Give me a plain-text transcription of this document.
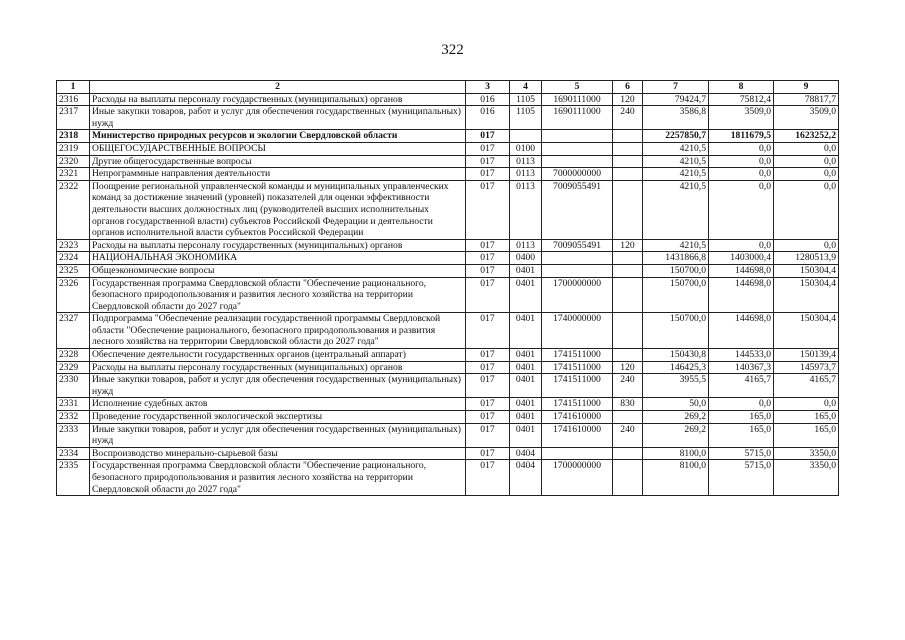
322
1	2	3	4	5	6	7	8	9
2316	Расходы на выплаты персоналу государственных (муниципальных) органов	016	1105	1690111000	120	79424,7	75812,4	78817,7
2317	Иные закупки товаров, работ и услуг для обеспечения государственных (муниципальных) нужд	016	1105	1690111000	240	3586,8	3509,0	3509,0
2318	Министерство природных ресурсов и экологии Свердловской области	017				2257850,7	1811679,5	1623252,2
2319	ОБЩЕГОСУДАРСТВЕННЫЕ ВОПРОСЫ	017	0100			4210,5	0,0	0,0
2320	Другие общегосударственные вопросы	017	0113			4210,5	0,0	0,0
2321	Непрограммные направления деятельности	017	0113	7000000000		4210,5	0,0	0,0
2322	Поощрение региональной управленческой команды и муниципальных управленческих команд за достижение значений (уровней) показателей для оценки эффективности деятельности высших должностных лиц (руководителей высших исполнительных органов государственной власти) субъектов Российской Федерации и деятельности органов исполнительной власти субъектов Российской Федерации	017	0113	7009055491		4210,5	0,0	0,0
2323	Расходы на выплаты персоналу государственных (муниципальных) органов	017	0113	7009055491	120	4210,5	0,0	0,0
2324	НАЦИОНАЛЬНАЯ ЭКОНОМИКА	017	0400			1431866,8	1403000,4	1280513,9
2325	Общеэкономические вопросы	017	0401			150700,0	144698,0	150304,4
2326	Государственная программа Свердловской области "Обеспечение рационального, безопасного природопользования и развития лесного хозяйства на территории Свердловской области до 2027 года"	017	0401	1700000000		150700,0	144698,0	150304,4
2327	Подпрограмма "Обеспечение реализации государственной программы Свердловской области "Обеспечение рационального, безопасного природопользования и развития лесного хозяйства на территории Свердловской области до 2027 года"	017	0401	1740000000		150700,0	144698,0	150304,4
2328	Обеспечение деятельности государственных органов (центральный аппарат)	017	0401	1741511000		150430,8	144533,0	150139,4
2329	Расходы на выплаты персоналу государственных (муниципальных) органов	017	0401	1741511000	120	146425,3	140367,3	145973,7
2330	Иные закупки товаров, работ и услуг для обеспечения государственных (муниципальных) нужд	017	0401	1741511000	240	3955,5	4165,7	4165,7
2331	Исполнение судебных актов	017	0401	1741511000	830	50,0	0,0	0,0
2332	Проведение государственной экологической экспертизы	017	0401	1741610000		269,2	165,0	165,0
2333	Иные закупки товаров, работ и услуг для обеспечения государственных (муниципальных) нужд	017	0401	1741610000	240	269,2	165,0	165,0
2334	Воспроизводство минерально-сырьевой базы	017	0404			8100,0	5715,0	3350,0
2335	Государственная программа Свердловской области "Обеспечение рационального, безопасного природопользования и развития лесного хозяйства на территории Свердловской области до 2027 года"	017	0404	1700000000		8100,0	5715,0	3350,0
